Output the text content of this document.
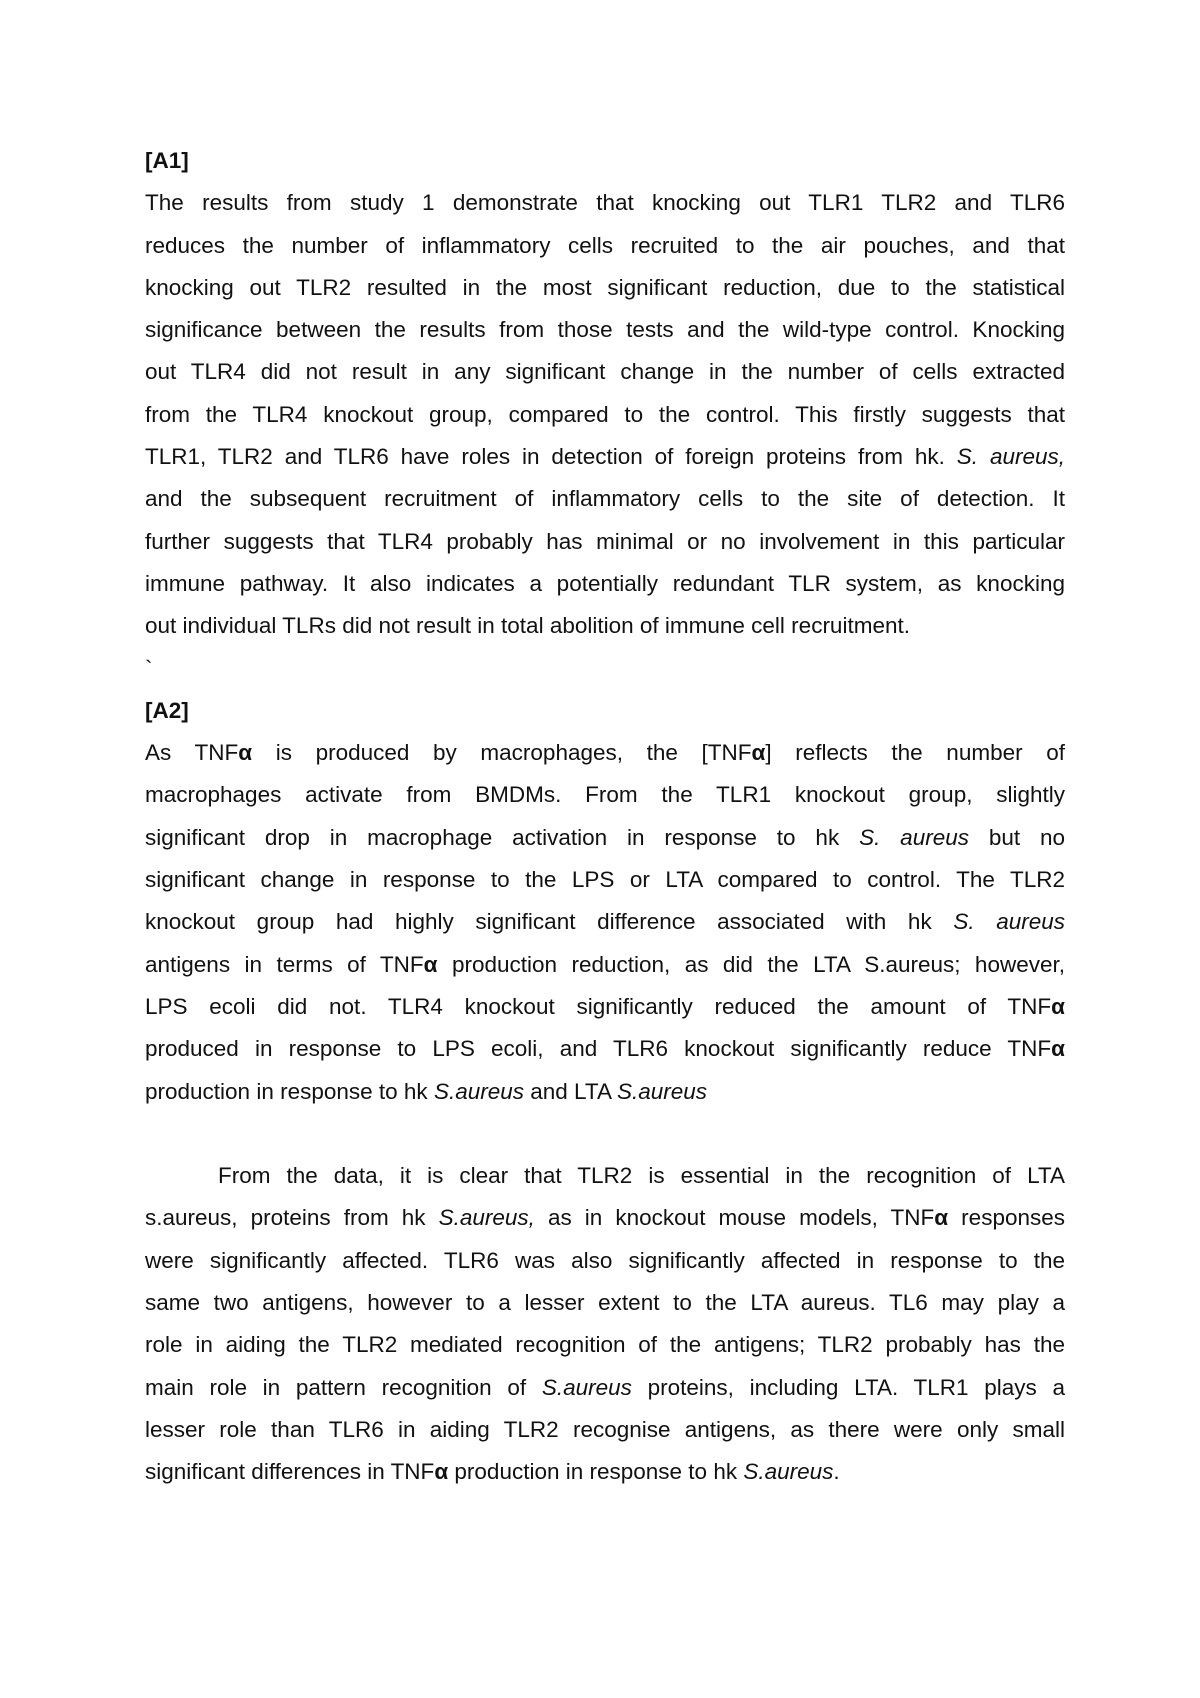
[A1]
The results from study 1 demonstrate that knocking out TLR1 TLR2 and TLR6
reduces the number of inflammatory cells recruited to the air pouches, and that
knocking out TLR2 resulted in the most significant reduction, due to the statistical
significance between the results from those tests and the wild-type control. Knocking
out TLR4 did not result in any significant change in the number of cells extracted
from the TLR4 knockout group, compared to the control. This firstly suggests that
TLR1, TLR2 and TLR6 have roles in detection of foreign proteins from hk. S. aureus,
and the subsequent recruitment of inflammatory cells to the site of detection. It
further suggests that TLR4 probably has minimal or no involvement in this particular
immune pathway. It also indicates a potentially redundant TLR system, as knocking
out individual TLRs did not result in total abolition of immune cell recruitment.
`
[A2]
As TNFα is produced by macrophages, the [TNFα] reflects the number of
macrophages activate from BMDMs. From the TLR1 knockout group, slightly
significant drop in macrophage activation in response to hk S. aureus but no
significant change in response to the LPS or LTA compared to control. The TLR2
knockout group had highly significant difference associated with hk S. aureus
antigens in terms of TNFα production reduction, as did the LTA S.aureus; however,
LPS ecoli did not. TLR4 knockout significantly reduced the amount of TNFα
produced in response to LPS ecoli, and TLR6 knockout significantly reduce TNFα
production in response to hk S.aureus and LTA S.aureus
From the data, it is clear that TLR2 is essential in the recognition of LTA
s.aureus, proteins from hk S.aureus, as in knockout mouse models, TNFα responses
were significantly affected. TLR6 was also significantly affected in response to the
same two antigens, however to a lesser extent to the LTA aureus. TL6 may play a
role in aiding the TLR2 mediated recognition of the antigens; TLR2 probably has the
main role in pattern recognition of S.aureus proteins, including LTA. TLR1 plays a
lesser role than TLR6 in aiding TLR2 recognise antigens, as there were only small
significant differences in TNFα production in response to hk S.aureus.
